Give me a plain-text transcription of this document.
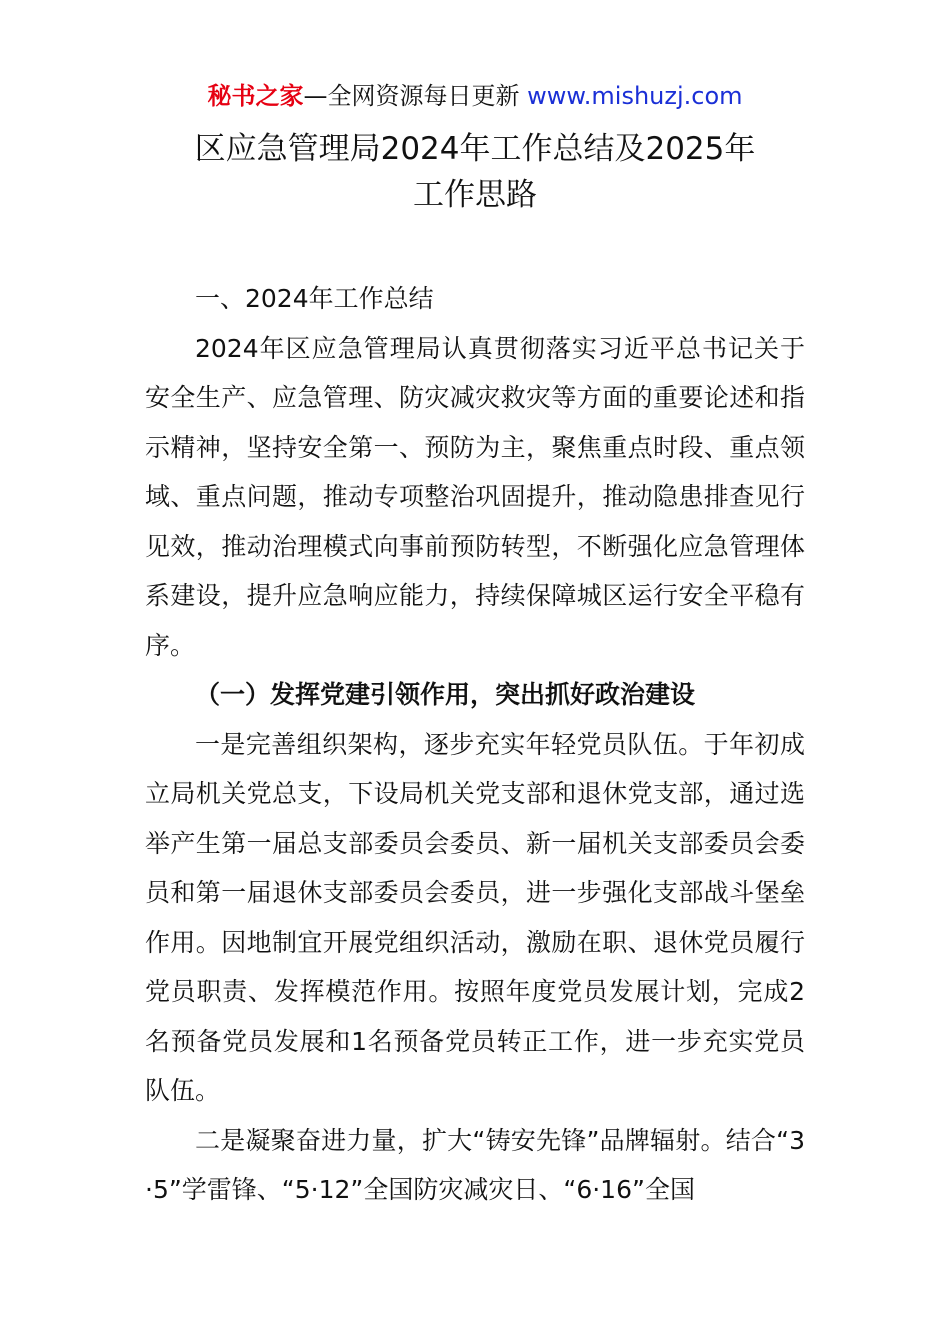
秘书之家—全网资源每日更新 www.mishuzj.com
区应急管理局2024年工作总结及2025年
工作思路

一、2024年工作总结

2024年区应急管理局认真贯彻落实习近平总书记关于安全生产、应急管理、防灾减灾救灾等方面的重要论述和指示精神，坚持安全第一、预防为主，聚焦重点时段、重点领域、重点问题，推动专项整治巩固提升，推动隐患排查见行见效，推动治理模式向事前预防转型，不断强化应急管理体系建设，提升应急响应能力，持续保障城区运行安全平稳有序。

（一）发挥党建引领作用，突出抓好政治建设

一是完善组织架构，逐步充实年轻党员队伍。于年初成立局机关党总支，下设局机关党支部和退休党支部，通过选举产生第一届总支部委员会委员、新一届机关支部委员会委员和第一届退休支部委员会委员，进一步强化支部战斗堡垒作用。因地制宜开展党组织活动，激励在职、退休党员履行党员职责、发挥模范作用。按照年度党员发展计划，完成2名预备党员发展和1名预备党员转正工作，进一步充实党员队伍。

二是凝聚奋进力量，扩大“铸安先锋”品牌辐射。结合“3·5”学雷锋、“5·12”全国防灾减灾日、“6·16”全国
